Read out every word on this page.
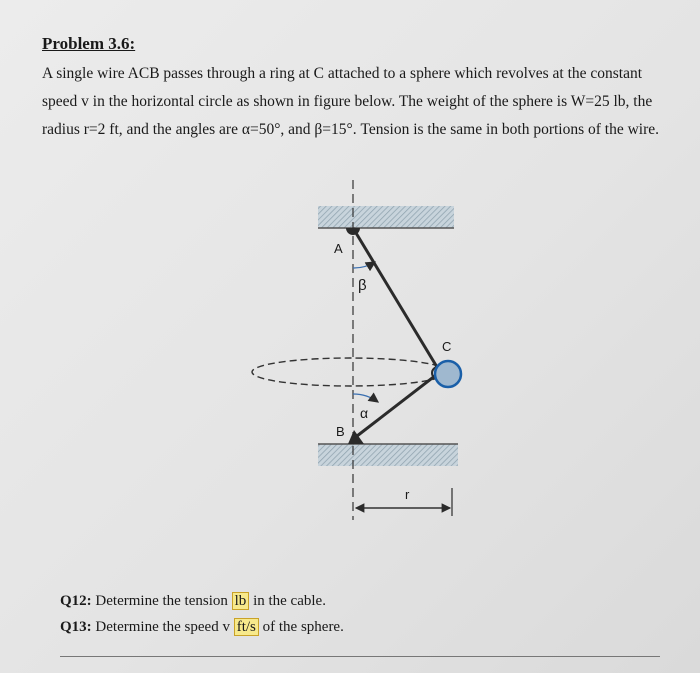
Problem 3.6:
A single wire ACB passes through a ring at C attached to a sphere which revolves at the constant
speed v in the horizontal circle as shown in figure below. The weight of the sphere is W=25 lb, the
radius r=2 ft, and the angles are α=50°, and β=15°. Tension is the same in both portions of the wire.
A
B
C
β
α
r
Q12: Determine the tension lb in the cable.
Q13: Determine the speed v ft/s of the sphere.
